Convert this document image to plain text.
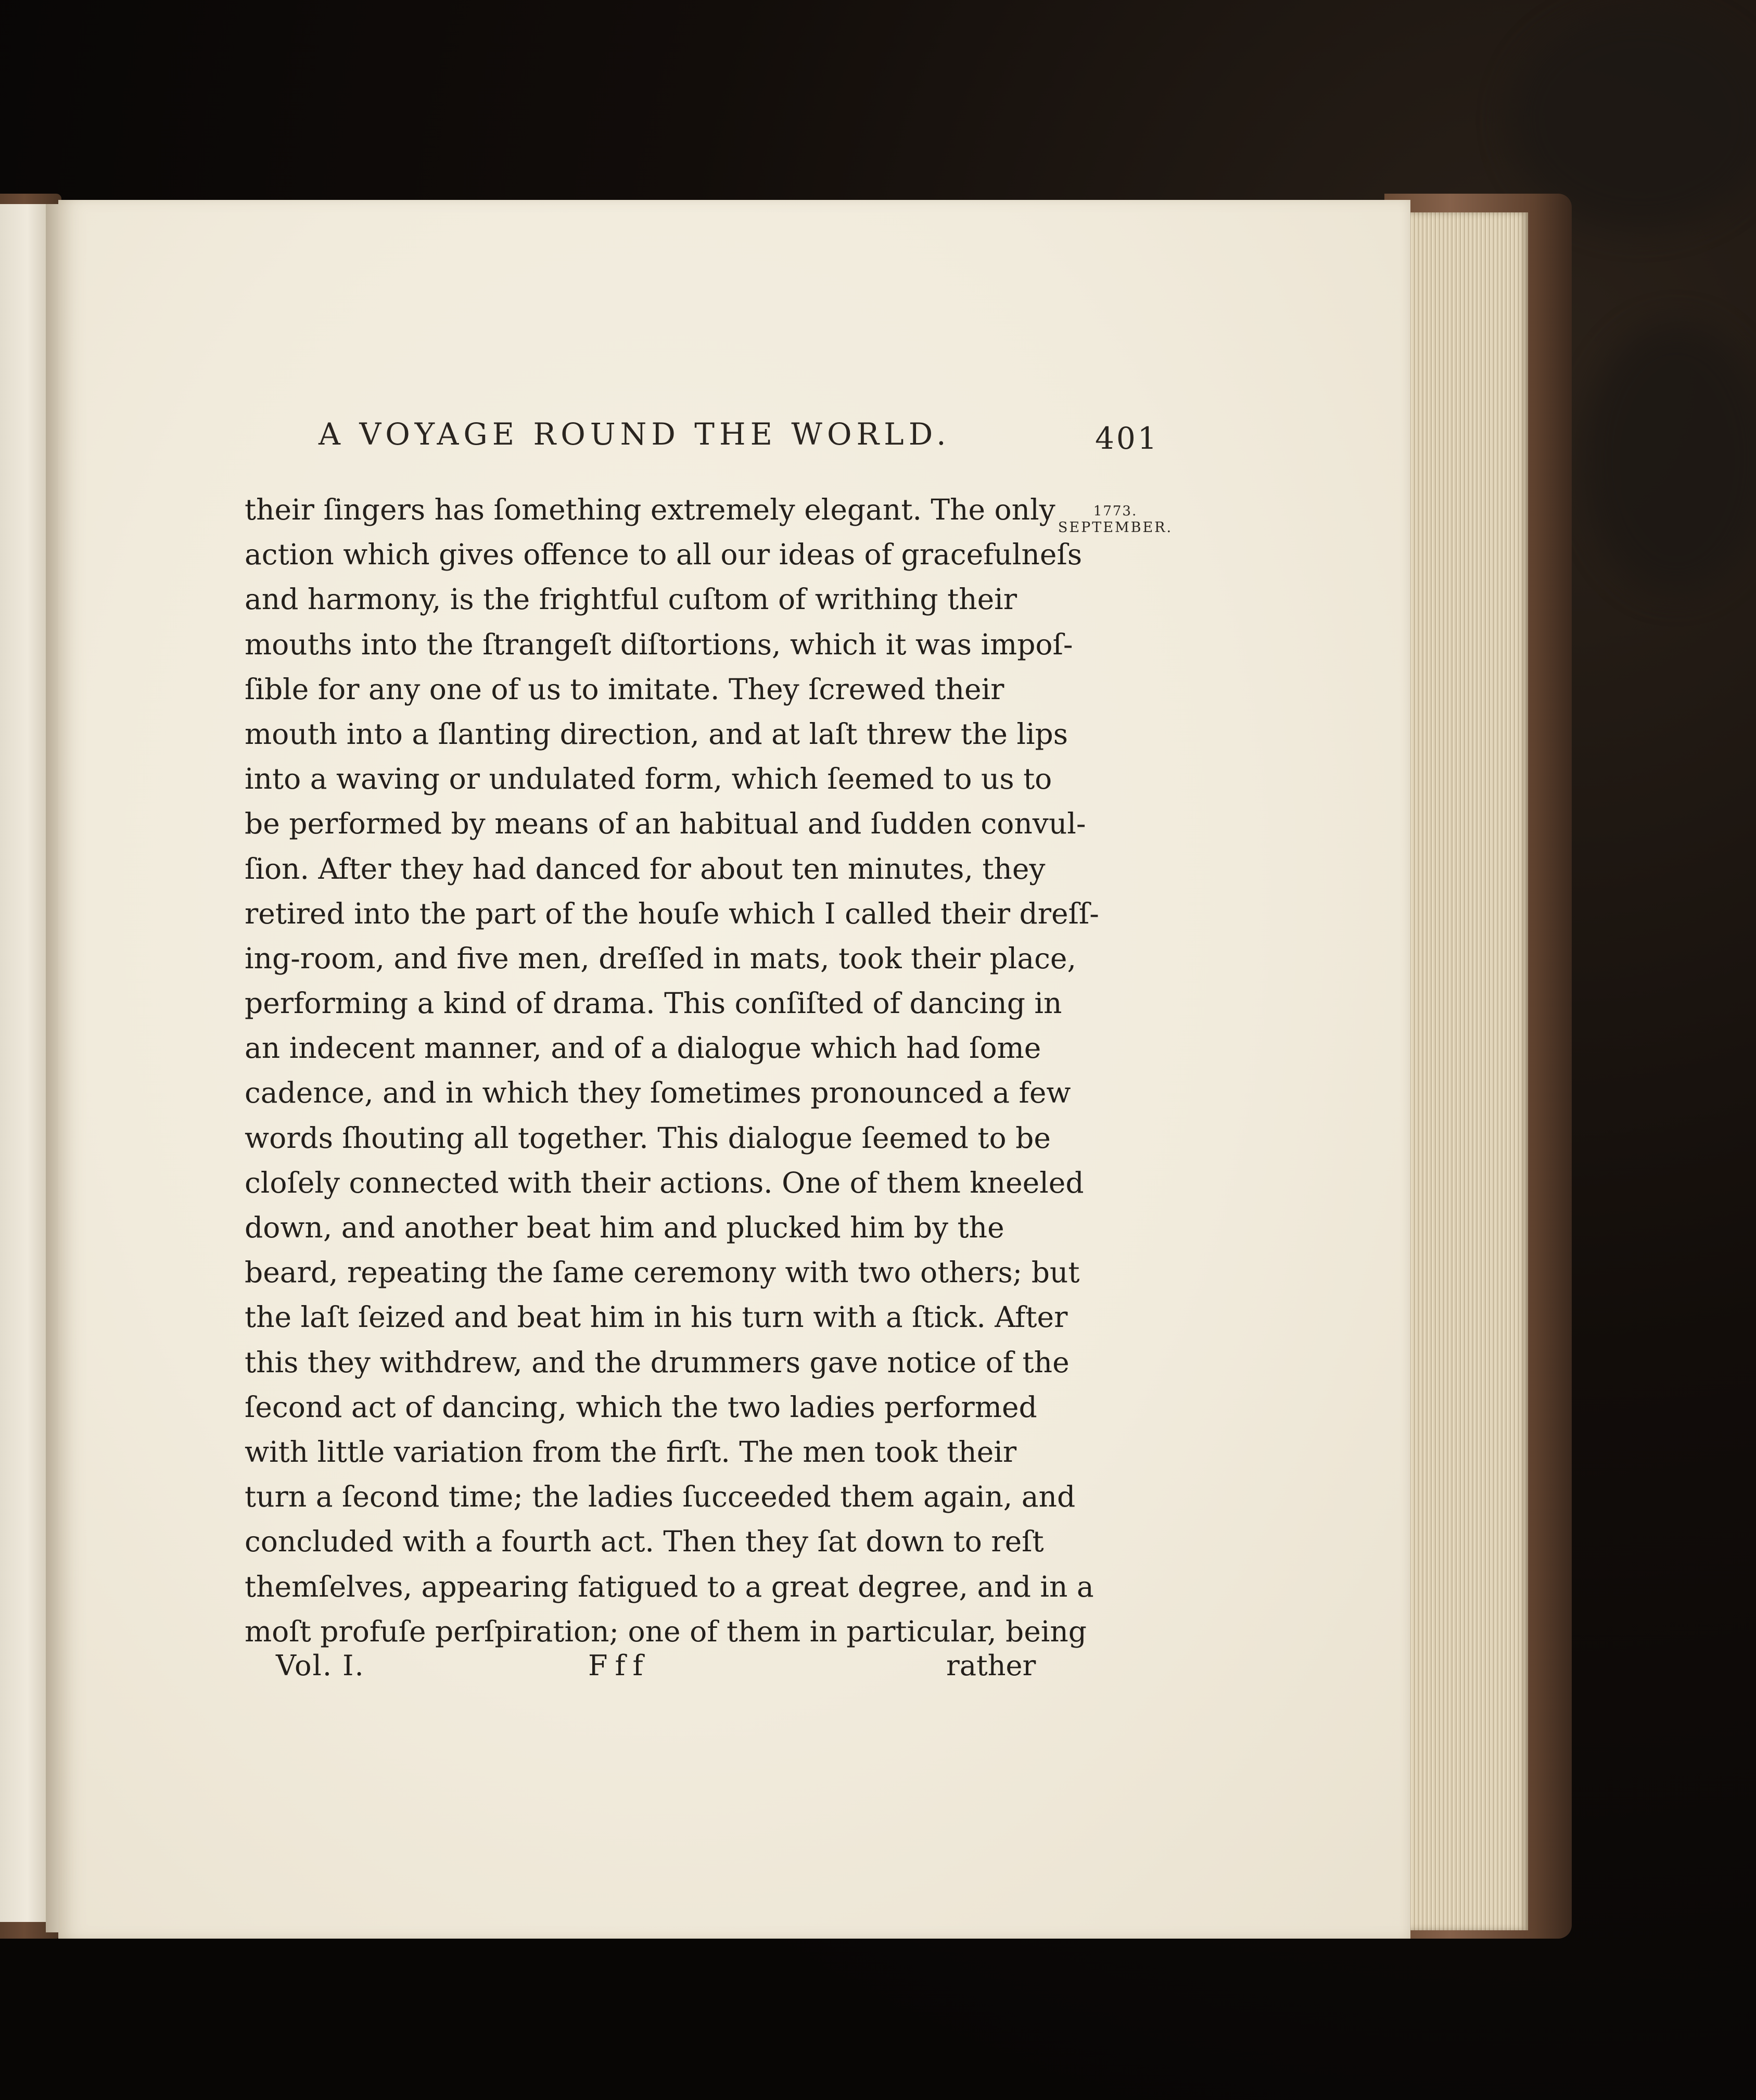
A VOYAGE ROUND THE WORLD.	401
1773.
SEPTEMBER.
their ſingers has ſomething extremely elegant. The only
action which gives offence to all our ideas of gracefulneſs
and harmony, is the frightful cuſtom of writhing their
mouths into the ſtrangeſt diſtortions, which it was impoſ-
ſible for any one of us to imitate. They ſcrewed their
mouth into a ſlanting direction, and at laſt threw the lips
into a waving or undulated form, which ſeemed to us to
be performed by means of an habitual and ſudden convul-
ſion. After they had danced for about ten minutes, they
retired into the part of the houſe which I called their dreſſ-
ing-room, and five men, dreſſed in mats, took their place,
performing a kind of drama. This conſiſted of dancing in
an indecent manner, and of a dialogue which had ſome
cadence, and in which they ſometimes pronounced a few
words ſhouting all together. This dialogue ſeemed to be
cloſely connected with their actions. One of them kneeled
down, and another beat him and plucked him by the
beard, repeating the ſame ceremony with two others; but
the laſt ſeized and beat him in his turn with a ſtick. After
this they withdrew, and the drummers gave notice of the
ſecond act of dancing, which the two ladies performed
with little variation from the firſt. The men took their
turn a ſecond time; the ladies ſucceeded them again, and
concluded with a fourth act. Then they ſat down to reſt
themſelves, appearing fatigued to a great degree, and in a
moſt profuſe perſpiration; one of them in particular, being
Vol. I.	Fff	rather
